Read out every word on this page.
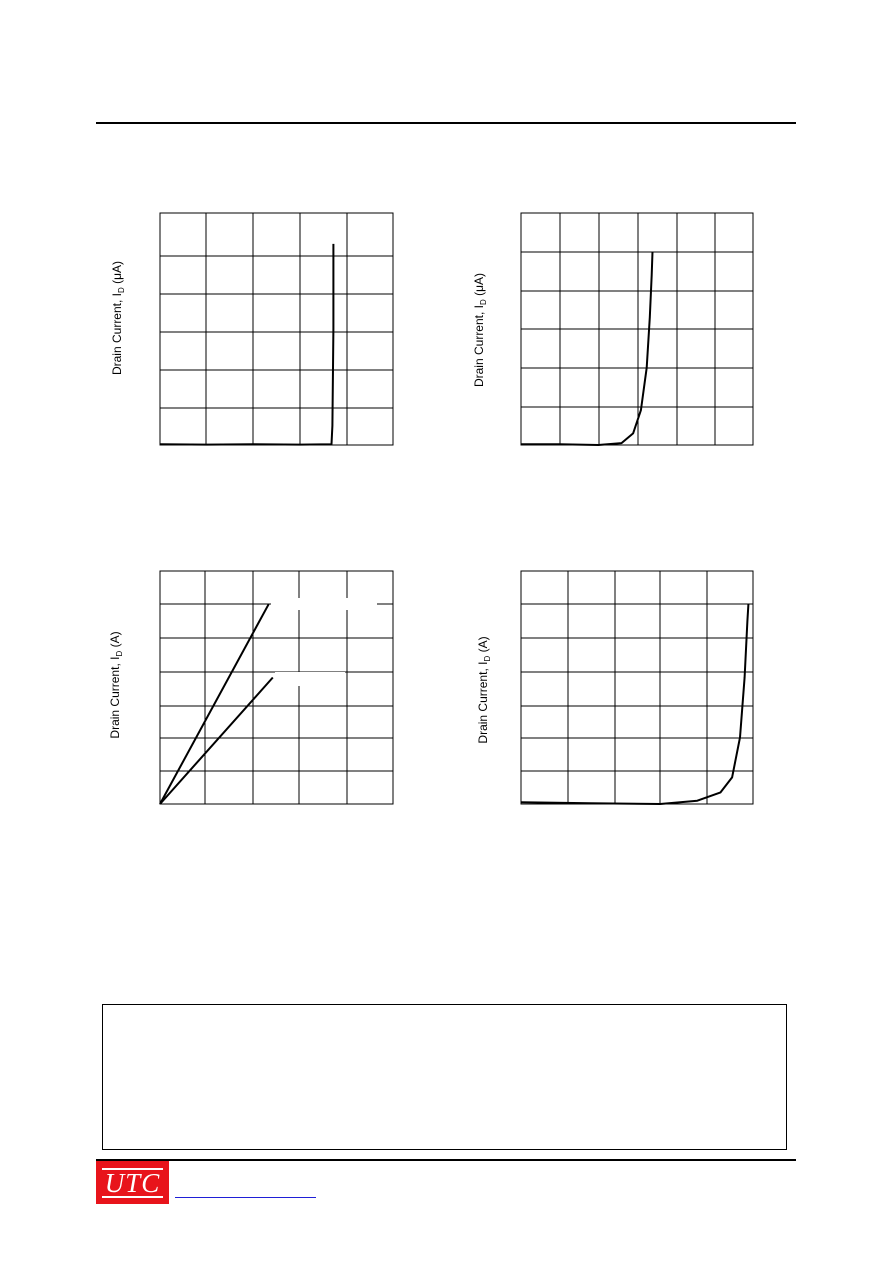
Drain Current, $I_D$ (μA)
Drain Current, $I_D$ (μA)
Drain Current, $I_D$ (A)
Drain Current, $I_D$ (A)
UTC
